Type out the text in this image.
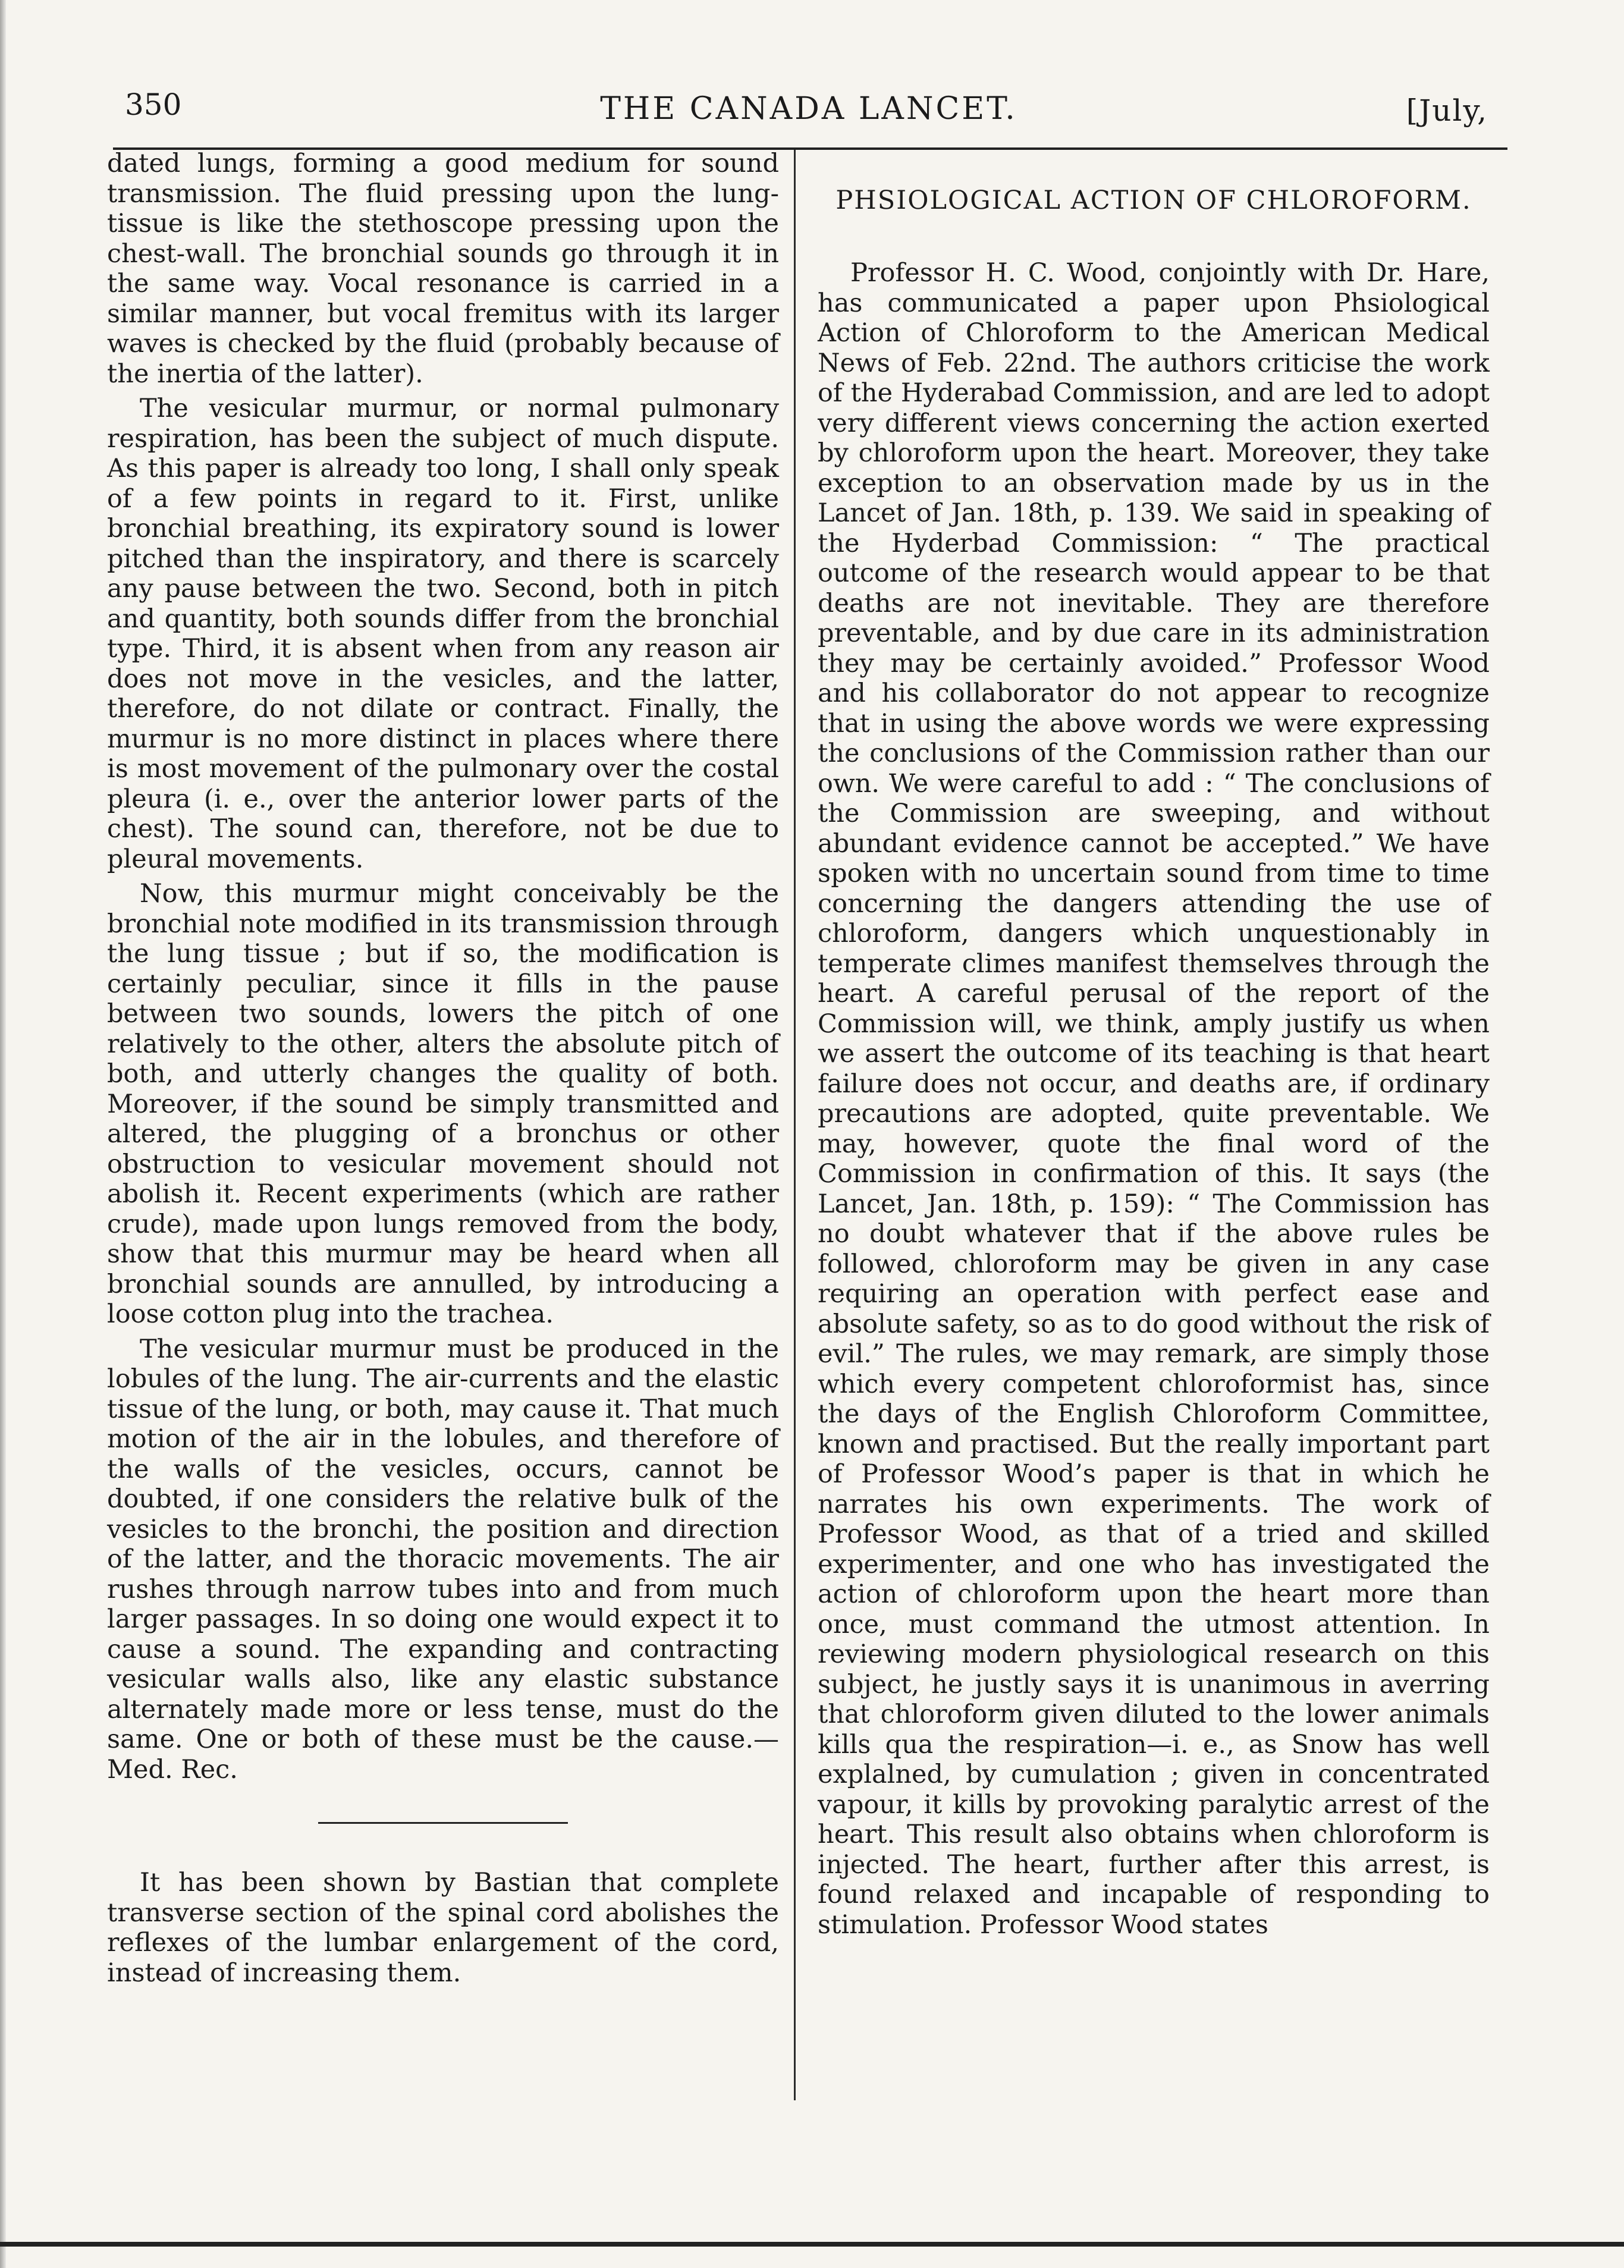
350	THE CANADA LANCET.	[July,

dated lungs, forming a good medium for sound transmission. The fluid pressing upon the lung-tissue is like the stethoscope pressing upon the chest-wall. The bronchial sounds go through it in the same way. Vocal resonance is carried in a similar manner, but vocal fremitus with its larger waves is checked by the fluid (probably because of the inertia of the latter).

The vesicular murmur, or normal pulmonary respiration, has been the subject of much dispute. As this paper is already too long, I shall only speak of a few points in regard to it. First, unlike bronchial breathing, its expiratory sound is lower pitched than the inspiratory, and there is scarcely any pause between the two. Second, both in pitch and quantity, both sounds differ from the bronchial type. Third, it is absent when from any reason air does not move in the vesicles, and the latter, therefore, do not dilate or contract. Finally, the murmur is no more distinct in places where there is most movement of the pulmonary over the costal pleura (i. e., over the anterior lower parts of the chest). The sound can, therefore, not be due to pleural movements.

Now, this murmur might conceivably be the bronchial note modified in its transmission through the lung tissue ; but if so, the modification is certainly peculiar, since it fills in the pause between two sounds, lowers the pitch of one relatively to the other, alters the absolute pitch of both, and utterly changes the quality of both. Moreover, if the sound be simply transmitted and altered, the plugging of a bronchus or other obstruction to vesicular movement should not abolish it. Recent experiments (which are rather crude), made upon lungs removed from the body, show that this murmur may be heard when all bronchial sounds are annulled, by introducing a loose cotton plug into the trachea.

The vesicular murmur must be produced in the lobules of the lung. The air-currents and the elastic tissue of the lung, or both, may cause it. That much motion of the air in the lobules, and therefore of the walls of the vesicles, occurs, cannot be doubted, if one considers the relative bulk of the vesicles to the bronchi, the position and direction of the latter, and the thoracic movements. The air rushes through narrow tubes into and from much larger passages. In so doing one would expect it to cause a sound. The expanding and contracting vesicular walls also, like any elastic substance alternately made more or less tense, must do the same. One or both of these must be the cause.—Med. Rec.

It has been shown by Bastian that complete transverse section of the spinal cord abolishes the reflexes of the lumbar enlargement of the cord, instead of increasing them.

PHSIOLOGICAL ACTION OF CHLOROFORM.

Professor H. C. Wood, conjointly with Dr. Hare, has communicated a paper upon Phsiological Action of Chloroform to the American Medical News of Feb. 22nd. The authors criticise the work of the Hyderabad Commission, and are led to adopt very different views concerning the action exerted by chloroform upon the heart. Moreover, they take exception to an observation made by us in the Lancet of Jan. 18th, p. 139. We said in speaking of the Hyderbad Commission: “ The practical outcome of the research would appear to be that deaths are not inevitable. They are therefore preventable, and by due care in its administration they may be certainly avoided.” Professor Wood and his collaborator do not appear to recognize that in using the above words we were expressing the conclusions of the Commission rather than our own. We were careful to add : “ The conclusions of the Commission are sweeping, and without abundant evidence cannot be accepted.” We have spoken with no uncertain sound from time to time concerning the dangers attending the use of chloroform, dangers which unquestionably in temperate climes manifest themselves through the heart. A careful perusal of the report of the Commission will, we think, amply justify us when we assert the outcome of its teaching is that heart failure does not occur, and deaths are, if ordinary precautions are adopted, quite preventable. We may, however, quote the final word of the Commission in confirmation of this. It says (the Lancet, Jan. 18th, p. 159): “ The Commission has no doubt whatever that if the above rules be followed, chloroform may be given in any case requiring an operation with perfect ease and absolute safety, so as to do good without the risk of evil.” The rules, we may remark, are simply those which every competent chloroformist has, since the days of the English Chloroform Committee, known and practised. But the really important part of Professor Wood’s paper is that in which he narrates his own experiments. The work of Professor Wood, as that of a tried and skilled experimenter, and one who has investigated the action of chloroform upon the heart more than once, must command the utmost attention. In reviewing modern physiological research on this subject, he justly says it is unanimous in averring that chloroform given diluted to the lower animals kills qua the respiration—i. e., as Snow has well explalned, by cumulation ; given in concentrated vapour, it kills by provoking paralytic arrest of the heart. This result also obtains when chloroform is injected. The heart, further after this arrest, is found relaxed and incapable of responding to stimulation. Professor Wood states
